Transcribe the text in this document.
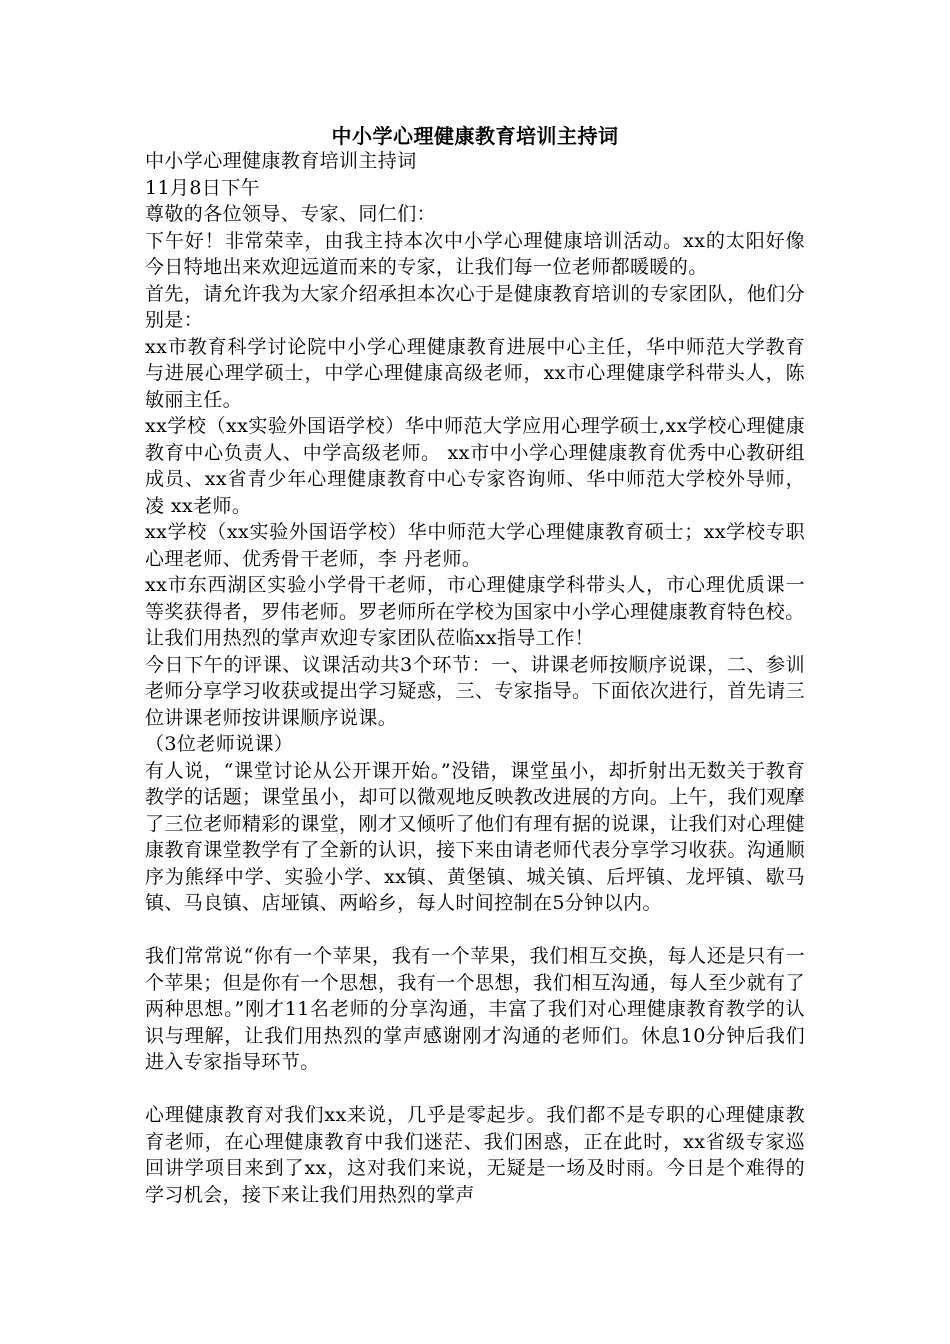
中小学心理健康教育培训主持词

中小学心理健康教育培训主持词

11月8日下午

尊敬的各位领导、专家、同仁们：

下午好！非常荣幸，由我主持本次中小学心理健康培训活动。xx的太阳好像今日特地出来欢迎远道而来的专家，让我们每一位老师都暖暖的。

首先，请允许我为大家介绍承担本次心于是健康教育培训的专家团队，他们分别是：

xx市教育科学讨论院中小学心理健康教育进展中心主任，华中师范大学教育与进展心理学硕士，中学心理健康高级老师，xx市心理健康学科带头人，陈敏丽主任。

xx学校（xx实验外国语学校）华中师范大学应用心理学硕士,xx学校心理健康教育中心负责人、中学高级老师。 xx市中小学心理健康教育优秀中心教研组成员、xx省青少年心理健康教育中心专家咨询师、华中师范大学校外导师，凌 xx老师。

xx学校（xx实验外国语学校）华中师范大学心理健康教育硕士；xx学校专职心理老师、优秀骨干老师，李 丹老师。

xx市东西湖区实验小学骨干老师，市心理健康学科带头人，市心理优质课一等奖获得者，罗伟老师。罗老师所在学校为国家中小学心理健康教育特色校。

让我们用热烈的掌声欢迎专家团队莅临xx指导工作！

今日下午的评课、议课活动共3个环节：一、讲课老师按顺序说课，二、参训老师分享学习收获或提出学习疑惑，三、专家指导。下面依次进行，首先请三位讲课老师按讲课顺序说课。

（3位老师说课）

有人说，“课堂讨论从公开课开始。”没错，课堂虽小，却折射出无数关于教育教学的话题；课堂虽小，却可以微观地反映教改进展的方向。上午，我们观摩了三位老师精彩的课堂，刚才又倾听了他们有理有据的说课，让我们对心理健康教育课堂教学有了全新的认识，接下来由请老师代表分享学习收获。沟通顺序为熊绎中学、实验小学、xx镇、黄堡镇、城关镇、后坪镇、龙坪镇、歇马镇、马良镇、店垭镇、两峪乡，每人时间控制在5分钟以内。

我们常常说“你有一个苹果，我有一个苹果，我们相互交换，每人还是只有一个苹果；但是你有一个思想，我有一个思想，我们相互沟通，每人至少就有了两种思想。”刚才11名老师的分享沟通，丰富了我们对心理健康教育教学的认识与理解，让我们用热烈的掌声感谢刚才沟通的老师们。休息10分钟后我们进入专家指导环节。

心理健康教育对我们xx来说，几乎是零起步。我们都不是专职的心理健康教育老师，在心理健康教育中我们迷茫、我们困惑，正在此时，xx省级专家巡回讲学项目来到了xx，这对我们来说，无疑是一场及时雨。今日是个难得的学习机会，接下来让我们用热烈的掌声
